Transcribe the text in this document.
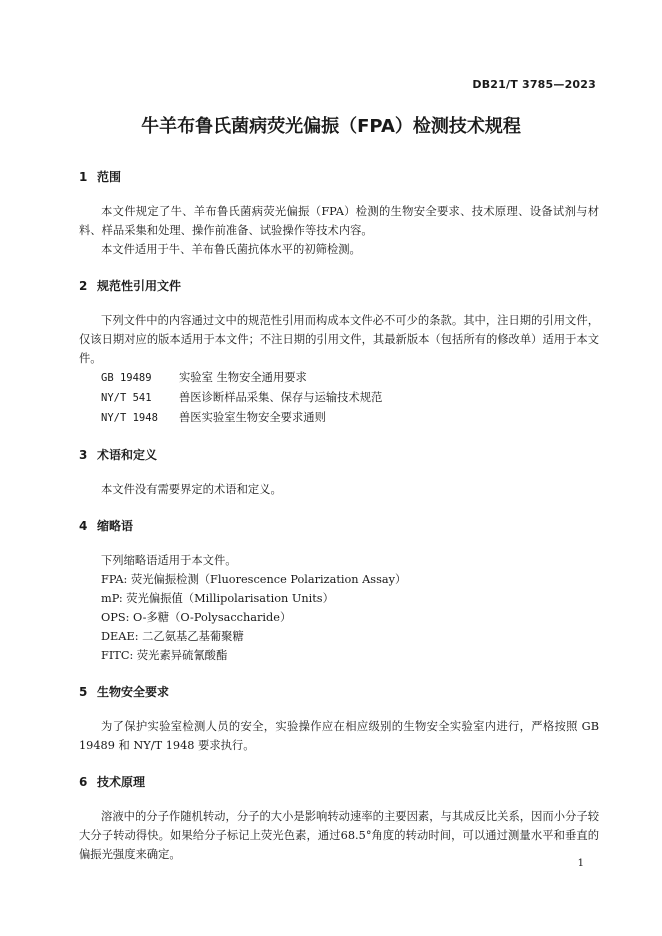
DB21/T 3785—2023
牛羊布鲁氏菌病荧光偏振（FPA）检测技术规程
1 范围

本文件规定了牛、羊布鲁氏菌病荧光偏振（FPA）检测的生物安全要求、技术原理、设备试剂与材料、样品采集和处理、操作前准备、试验操作等技术内容。

本文件适用于牛、羊布鲁氏菌抗体水平的初筛检测。

2 规范性引用文件

下列文件中的内容通过文中的规范性引用而构成本文件必不可少的条款。其中，注日期的引用文件，仅该日期对应的版本适用于本文件；不注日期的引用文件，其最新版本（包括所有的修改单）适用于本文件。

GB 19489 实验室 生物安全通用要求
NY/T 541 兽医诊断样品采集、保存与运输技术规范
NY/T 1948 兽医实验室生物安全要求通则
3 术语和定义

本文件没有需要界定的术语和定义。

4 缩略语
下列缩略语适用于本文件。
FPA: 荧光偏振检测（Fluorescence Polarization Assay）
mP: 荧光偏振值（Millipolarisation Units）
OPS: O-多糖（O-Polysaccharide）
DEAE: 二乙氨基乙基葡聚糖
FITC: 荧光素异硫氰酸酯
5 生物安全要求

为了保护实验室检测人员的安全，实验操作应在相应级别的生物安全实验室内进行，严格按照 GB 19489 和 NY/T 1948 要求执行。

6 技术原理

溶液中的分子作随机转动，分子的大小是影响转动速率的主要因素，与其成反比关系，因而小分子较大分子转动得快。如果给分子标记上荧光色素，通过68.5°角度的转动时间，可以通过测量水平和垂直的偏振光强度来确定。

1
